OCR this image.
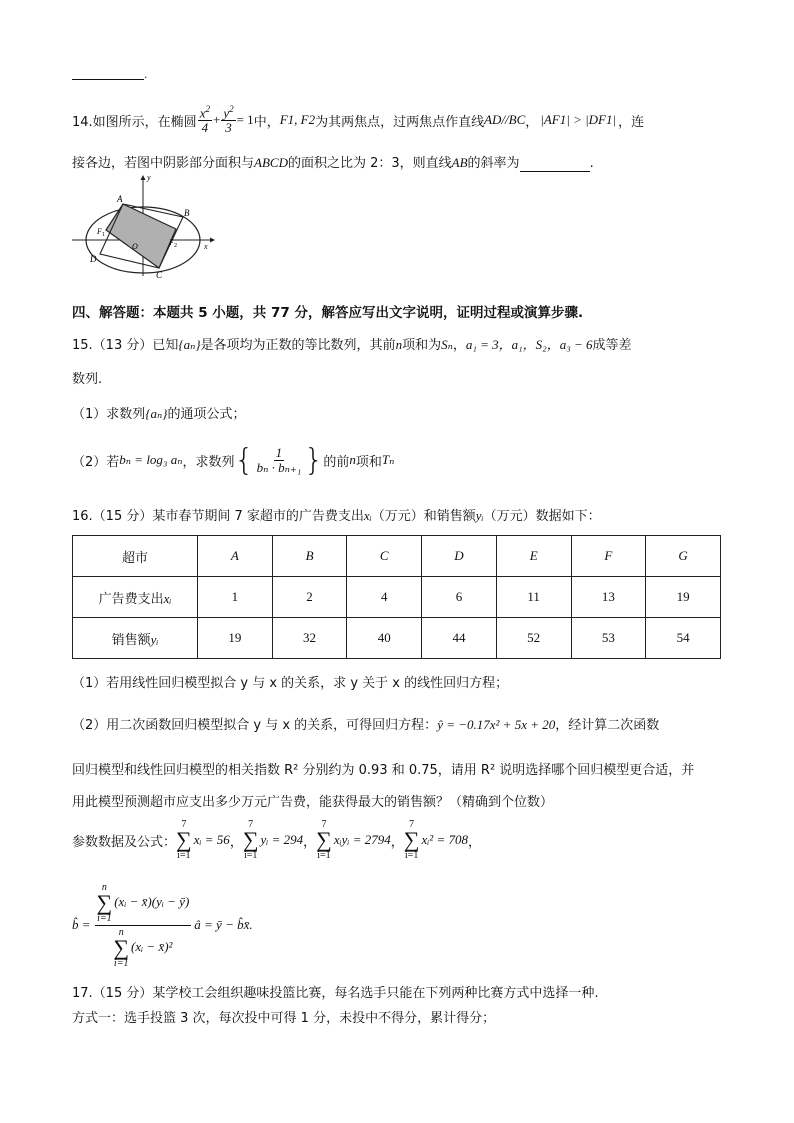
.
14.如图所示，在椭圆 $\frac{x^2}{4} + \frac{y^2}{3} = 1$ 中， F1, F2 为其两焦点，过两焦点作直线 AD//BC ， |AF1| > |DF1| ，连
接各边，若图中阴影部分面积与ABCD的面积之比为 2：3，则直线AB的斜率为	.
A
B
C
D
F 1
F 2
O	x
y
四、解答题：本题共 5 小题，共 77 分，解答应写出文字说明，证明过程或演算步骤.
15.（13 分）已知{aₙ}是各项均为正数的等比数列，其前n项和为Sₙ，a₁ = 3，a₁，S₂，a₃ − 6成等差
数列.
（1）求数列{aₙ}的通项公式；
（2）若 bₙ = log₃ aₙ ，求数列 { $\frac{1}{\text{bₙ · bₙ₊₁}}$ } 的前 n 项和 Tₙ
16.（15 分）某市春节期间 7 家超市的广告费支出xᵢ（万元）和销售额yᵢ（万元）数据如下：
超市	A	B	C	D	E	F	G
广告费支出xᵢ	1	2	4	6	11	13	19
销售额yᵢ	19	32	40	44	52	53	54
（1）若用线性回归模型拟合 y 与 x 的关系，求 y 关于 x 的线性回归方程；
（2）用二次函数回归模型拟合 y 与 x 的关系，可得回归方程：ŷ = −0.17x² + 5x + 20，经计算二次函数
回归模型和线性回归模型的相关指数 R² 分别约为 0.93 和 0.75，请用 R² 说明选择哪个回归模型更合适，并
用此模型预测超市应支出多少万元广告费，能获得最大的销售额？（精确到个位数）
参数数据及公式：
7
∑
i=1
xᵢ = 56 ，
7
∑
i=1
yᵢ = 294 ，
7
∑
i=1
xᵢyᵢ = 2794 ，
7
∑
i=1
xᵢ² = 708 ，
b̂ = n
∑
i=1
(xᵢ − x̄)(yᵢ − ȳ)
n
∑
i=1
(xᵢ − x̄)² â = ȳ − b̂x̄.
17.（15 分）某学校工会组织趣味投篮比赛，每名选手只能在下列两种比赛方式中选择一种.
方式一：选手投篮 3 次，每次投中可得 1 分，未投中不得分，累计得分；
